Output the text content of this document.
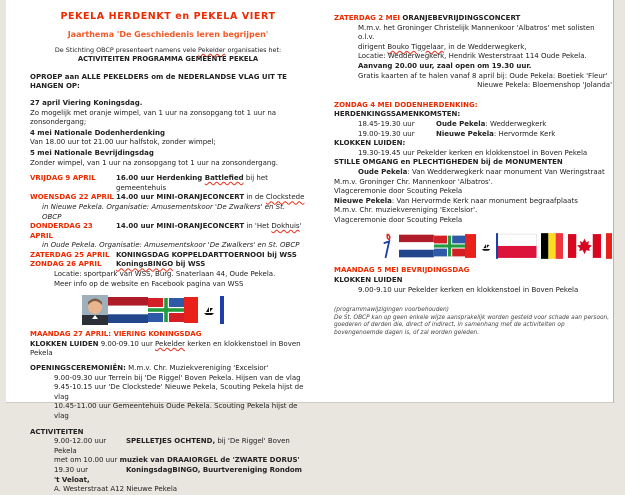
PEKELA HERDENKT en PEKELA VIERT
Jaarthema 'De Geschiedenis leren begrijpen'
De Stichting OBCP presenteert namens vele Pekelder organisaties het:
ACTIVITEITEN PROGRAMMA GEMEENTE PEKELA
OPROEP aan ALLE PEKELDERS om de NEDERLANDSE VLAG UIT TE HANGEN OP:
27 april Viering Koningsdag.
Zo mogelijk met oranje wimpel, van 1 uur na zonsopgang tot 1 uur na zonsondergang;
4 mei Nationale Dodenherdenking
Van 18.00 uur tot 21.00 uur halfstok, zonder wimpel;
5 mei Nationale Bevrijdingsdag
Zonder wimpel, van 1 uur na zonsopgang tot 1 uur na zonsondergang.
VRIJDAG 9 APRIL	16.00 uur Herdenking Battlefied bij het gemeentehuis
WOENSDAG 22 APRIL 14.00 uur MINI-ORANJECONCERT in de Clockstede
in Nieuwe Pekela. Organisatie: Amusementskoor 'De Zwalkers' en St. OBCP
DONDERDAG 23 APRIL
14.00 uur MINI-ORANJECONCERT in 'Het Dokhuis'
in Oude Pekela. Organisatie: Amusementskoor 'De Zwalkers' en St. OBCP
ZATERDAG 25 APRIL KONINGSDAG KOPPELDARTTOERNOOI bij WSS
ZONDAG 26 APRIL	KoningsBINGO bij WSS
Locatie: sportpark van WSS, Burg. Snaterlaan 44, Oude Pekela.
Meer info op de website en Facebook pagina van WSS
MAANDAG 27 APRIL: VIERING KONINGSDAG
KLOKKEN LUIDEN 9.00-09.10 uur Pekelder kerken en klokkenstoel in Boven Pekela
OPENINGSCEREMONIËN: M.m.v. Chr. Muziekvereniging 'Excelsior'
9.00-09.30 uur Terrein bij 'De Riggel' Boven Pekela. Hijsen van de vlag
9.45-10.15 uur 'De Clockstede' Nieuwe Pekela, Scouting Pekela hijst de vlag
10.45-11.00 uur Gemeentehuis Oude Pekela. Scouting Pekela hijst de vlag
ACTIVITEITEN
9.00-12.00 uur	SPELLETJES OCHTEND, bij 'De Riggel' Boven Pekela
met om 10.00 uur muziek van DRAAIORGEL de 'ZWARTE DORUS'
19.30 uur	KoningsdagBINGO, Buurtvereniging Rondom 't Veloat,
A. Westerstraat A12 Nieuwe Pekela
ZATERDAG 2 MEI ORANJEBEVRIJDINGSCONCERT
M.m.v. het Groninger Christelijk Mannenkoor 'Albatros' met solisten o.l.v.
dirigent Bouko Tiggelaar, in de Wedderwegkerk,
Locatie: Wedderwegkerk, Hendrik Westerstraat 114 Oude Pekela.
Aanvang 20.00 uur, zaal open om 19.30 uur.
Gratis kaarten af te halen vanaf 8 april bij: Oude Pekela: Boetiek 'Fleur'
Nieuwe Pekela: Bloemenshop 'Jolanda'
ZONDAG 4 MEI DODENHERDENKING:
HERDENKINGSSAMENKOMSTEN:
18.45-19.30 uur	Oude Pekela: Wedderwegkerk
19.00-19.30 uur	Nieuwe Pekela: Hervormde Kerk
KLOKKEN LUIDEN:
19.30-19.45 uur Pekelder kerken en klokkenstoel in Boven Pekela
STILLE OMGANG en PLECHTIGHEDEN bij de MONUMENTEN
Oude Pekela: Van Wedderwegkerk naar monument Van Weringstraat
M.m.v. Groninger Chr. Mannenkoor 'Albatros'.
Vlagceremonie door Scouting Pekela
Nieuwe Pekela: Van Hervormde Kerk naar monument begraafplaats
M.m.v. Chr. muziekvereniging 'Excelsior'.
Vlagceremonie door Scouting Pekela
MAANDAG 5 MEI BEVRIJDINGSDAG
KLOKKEN LUIDEN
9.00-9.10 uur Pekelder kerken en klokkenstoel in Boven Pekela
(programmawijzigingen voorbehouden)
De St. OBCP kan op geen enkele wijze aansprakelijk worden gesteld voor schade aan persoon, goederen of derden die, direct of indirect, in samenhang met de activiteiten op bovengenoemde dagen is, of zal worden geleden.
